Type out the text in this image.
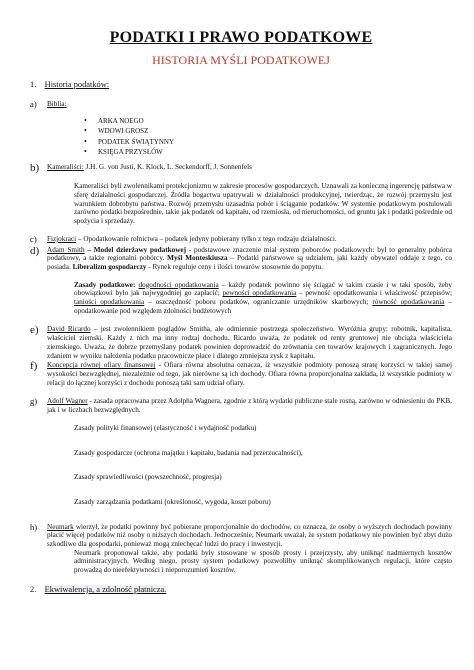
PODATKI I PRAWO PODATKOWE
HISTORIA MYŚLI PODATKOWEJ
1. Historia podatków:
a)	Biblia:
• ARKA NOEGO
• WDOWI GROSZ
• PODATEK ŚWIĄTYNNY
• KSIĘGA PRZYSŁÓW
b)	Kameraliści: J.H. G. von Justi, K. Klock, L. Seckendorff, J. Sonnenfels

Kameraliści byli zwolennikami protekcjonizmu w zakresie procesów gospodarczych. Uznawali za konieczną ingerencję państwa w sferę działalności gospodarczej. Źródła bogactwa upatrywali w działalności produkcyjnej, twierdząc, że rozwój przemysłu jest warunkiem dobrobytu państwa. Rozwój przemysłu uzasadnia pobór i ściąganie podatków. W systemie podatkowym postulowali zarówno podatki bezpośrednie, takie jak podatek od kapitału, od rzemiosła, od nieruchomości, od gruntu jak i podatki pośrednie od spożycia i sprzedaży.

c)	Fizjokraci – Opodatkowanie rolnictwa – podatek jedyny pobierany tylko z tego rodzaju działalności.
d)	Adam Smith – Model dzierżawy podatkowej - podstawowe znaczenie miał system poborców podatkowych: był to generalny pobórca podatkowy, a także regionalni pobórcy. Myśl Monteskiusza – Podatki państwowe są udziałem, jaki każdy obywatel oddaje z tego, co posiada. Liberalizm gospodarczy - Rynek reguluje ceny i ilości towarów stosownie do popytu.

Zasady podatkowe: dogodności opodatkowania – każdy podatek powinno się ściągać w takim czasie i w taki sposób, żeby obowiązkowi było jak najwygodniej go zapłacić; pewności opodatkowania – pewność opodatkowania i właściwość przepisów; taniości opodatkowania – oszczędność poboru podatków, ograniczanie urzędników skarbowych; równość opodatkowania – opodatkowanie pod względem zdolności budżetowych

e)	David Ricardo – jest zwolennikiem poglądów Smitha, ale odmiennie postrzega społeczeństwo. Wyróżnia grupy: robotnik, kapitalista, właściciel ziemski. Każdy z nich ma inny rodzaj dochodu. Ricardo uważa, że podatek od renty gruntowej nie obciąża właściciela ziemskiego. Uważa, że dobrze przemyślany podatek powinien doprowadzić do zrównania cen towarów krajowych i zagranicznych. Jego zdaniem w wyniku nałożenia podatku pracownicze płace i dlatego zmniejsza zysk z kapitału.
f)	Koncepcja równej ofiary finansowej - Ofiara równa absolutna oznacza, iż wszystkie podmioty ponoszą stratę korzyści w takiej samej wysokości bezwzględnej, niezależnie od tego, jak nierówne są ich dochody. Ofiara równa proporcjonalna zakłada, iż wszystkie podmioty w relacji do łącznej korzyści z dochodu ponoszą taki sam udział ofiary.
g)	Adolf Wagner - zasada opracowana przez Adolpha Wagnera, zgodnie z którą wydatki publiczne stale rosną, zarówno w odniesieniu do PKB, jak i w liczbach bezwzględnych.
Zasady polityki finansowej (elastyczność i wydajność podatku)
Zasady gospodarcze (ochrona majątku i kapitału, badania nad przerzucalności),
Zasady sprawiedliwości (powszechność, progresja)
Zasady zarządzania podatkami (określoność, wygoda, koszt poboru)
h)	Neumark wierzył, że podatki powinny być pobierane proporcjonalnie do dochodów, co oznacza, że osoby o wyższych dochodach powinny płacić więcej podatków niż osoby o niższych dochodach. Jednocześnie, Neumark uważał, że system podatkowy nie powinien być zbyt dużo szkodliwe dla gospodarki, ponieważ mogą zniechęcać ludzi do pracy i inwestycji.

Neumark proponował także, aby podatki były stosowane w sposób prosty i przejrzysty, aby uniknąć nadmiernych kosztów administracyjnych. Według niego, prosty system podatkowy pozwoliłby uniknąć skomplikowanych regulacji, które często prowadzą do nieefektywności i nieporozumień kosztów.

2. Ekwiwalencja, a zdolność płatnicza.
